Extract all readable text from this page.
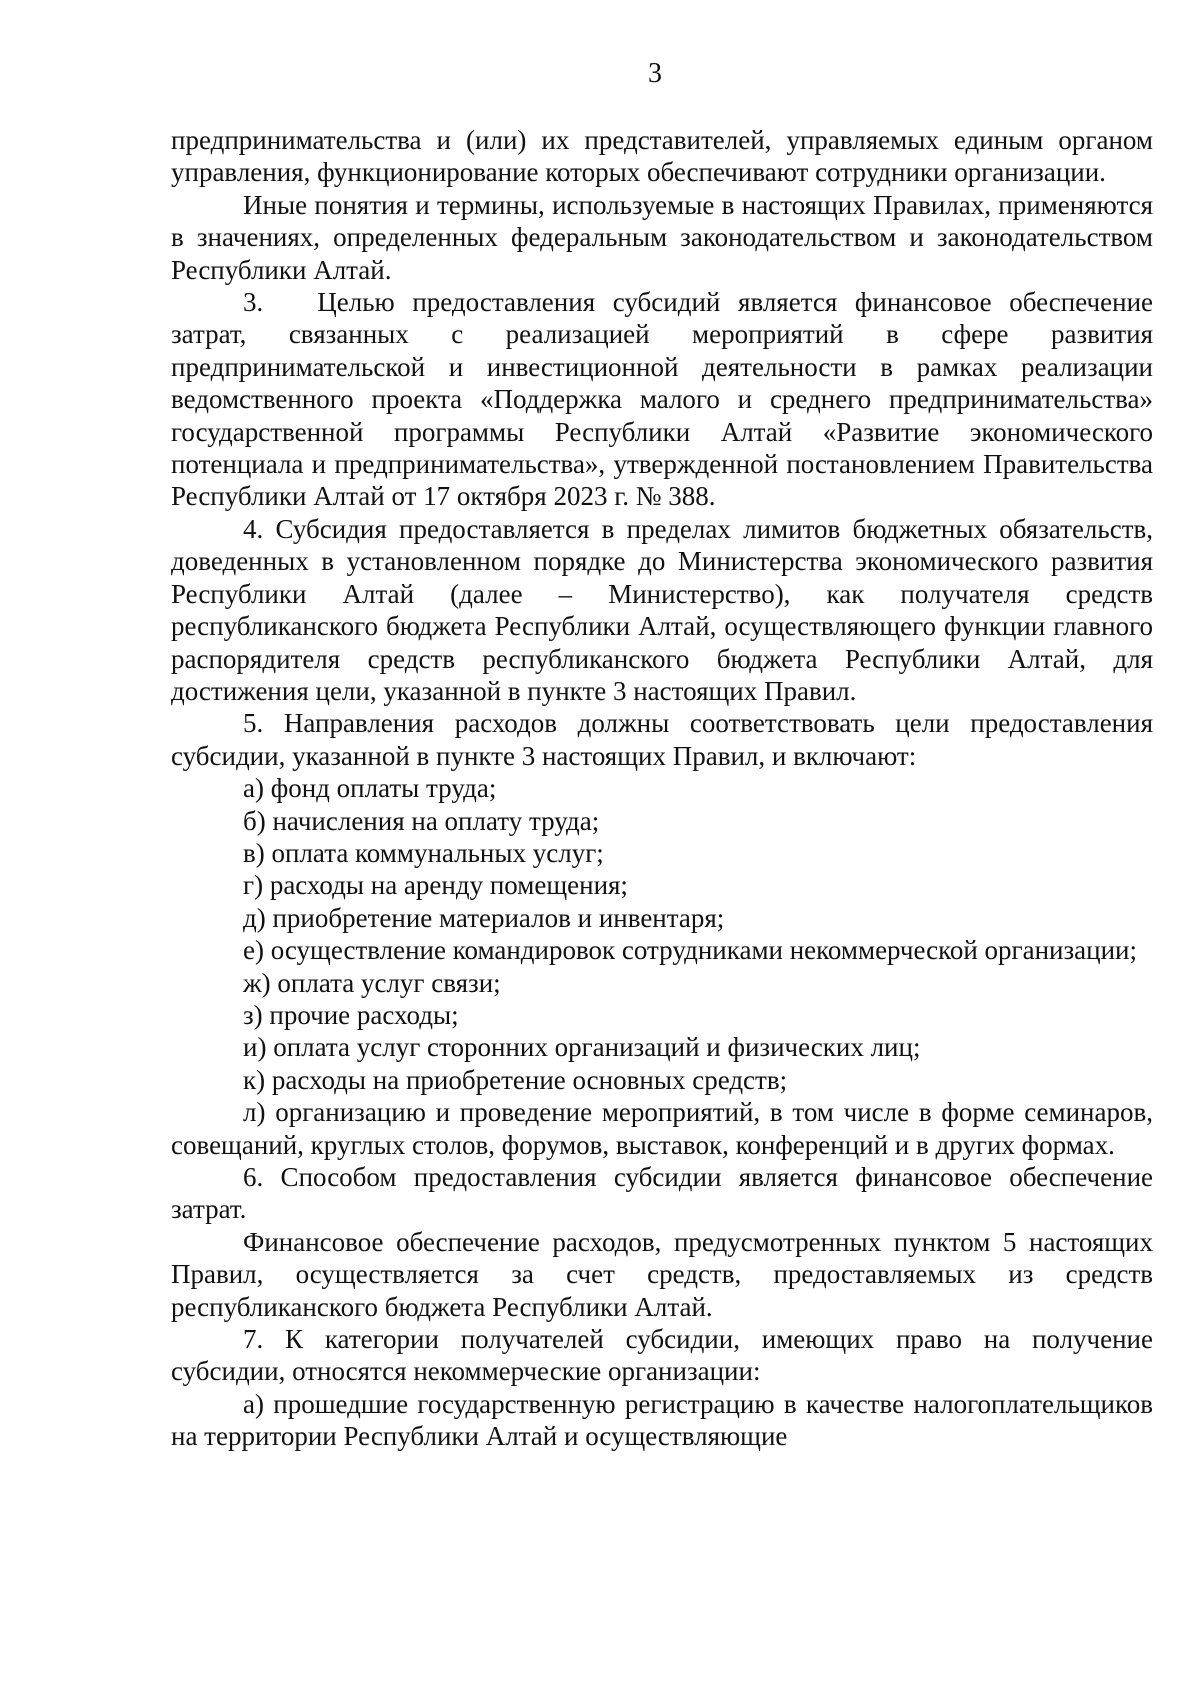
3

предпринимательства и (или) их представителей, управляемых единым органом управления, функционирование которых обеспечивают сотрудники организации.

Иные понятия и термины, используемые в настоящих Правилах, применяются в значениях, определенных федеральным законодательством и законодательством Республики Алтай.

3.  Целью предоставления субсидий является финансовое обеспечение затрат, связанных с реализацией мероприятий в сфере развития предпринимательской и инвестиционной деятельности в рамках реализации ведомственного проекта «Поддержка малого и среднего предпринимательства» государственной программы Республики Алтай «Развитие экономического потенциала и предпринимательства», утвержденной постановлением Правительства Республики Алтай от 17 октября 2023 г. № 388.

4. Субсидия предоставляется в пределах лимитов бюджетных обязательств, доведенных в установленном порядке до Министерства экономического развития Республики Алтай (далее – Министерство), как получателя средств республиканского бюджета Республики Алтай, осуществляющего функции главного распорядителя средств республиканского бюджета Республики Алтай, для достижения цели, указанной в пункте 3 настоящих Правил.

5. Направления расходов должны соответствовать цели предоставления субсидии, указанной в пункте 3 настоящих Правил, и включают:

а) фонд оплаты труда;

б) начисления на оплату труда;

в) оплата коммунальных услуг;

г) расходы на аренду помещения;

д) приобретение материалов и инвентаря;

е) осуществление командировок сотрудниками некоммерческой организации;

ж) оплата услуг связи;

з) прочие расходы;

и) оплата услуг сторонних организаций и физических лиц;

к) расходы на приобретение основных средств;

л) организацию и проведение мероприятий, в том числе в форме семинаров, совещаний, круглых столов, форумов, выставок, конференций и в других формах.

6. Способом предоставления субсидии является финансовое обеспечение затрат.

Финансовое обеспечение расходов, предусмотренных пунктом 5 настоящих Правил, осуществляется за счет средств, предоставляемых из средств республиканского бюджета Республики Алтай.

7. К категории получателей субсидии, имеющих право на получение субсидии, относятся некоммерческие организации:

а) прошедшие государственную регистрацию в качестве налогоплательщиков на территории Республики Алтай и осуществляющие
